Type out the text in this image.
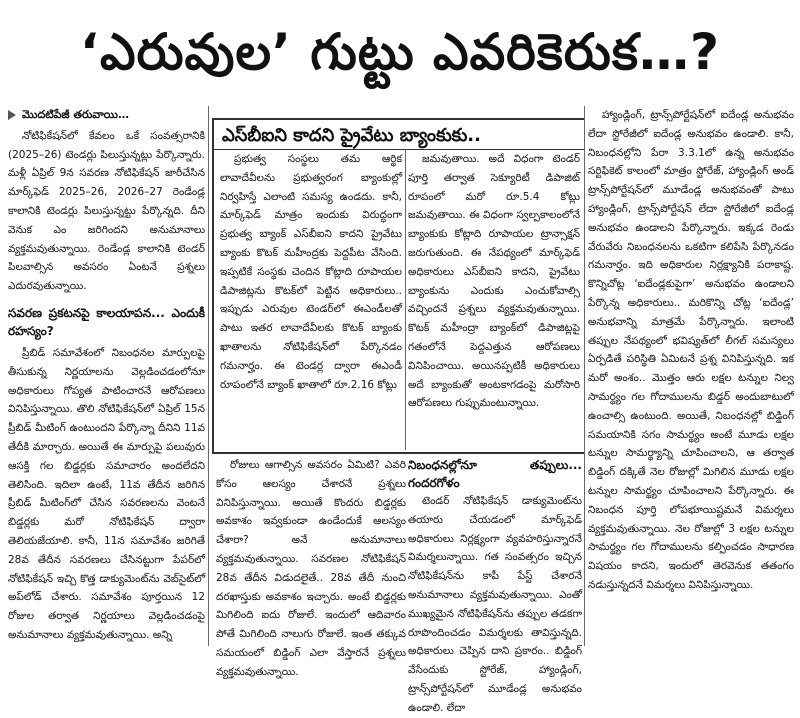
‘ఎరువుల’ గుట్టు ఎవరికెరుక…?
మొదటిపేజీ తరువాయి…

నోటిఫికేషన్‌లో కేవలం ఒకే సంవత్సరానికి (2025–26) టెండర్లు పిలుస్తున్నట్లు పేర్కొన్నారు. మళ్లీ ఏప్రిల్ 9న సవరణ నోటిఫికేషన్ జారీచేసిన మార్క్‌ఫెడ్ 2025–26, 2026–27 రెండేండ్ల కాలానికి టెండర్లు పిలుస్తున్నట్టు పేర్కొన్నది. దీని వెనుక ఎం జరిగిందని అనుమానాలు వ్యక్తమవుతున్నాయి. రెండేండ్ల కాలానికి టెండర్ పిలవాల్సిన అవసరం ఏంటనే ప్రశ్నలు ఎదురవుతున్నాయి.

సవరణ ప్రకటనపై కాలయాపన... ఎందుకీ రహస్యం?

ప్రీబిడ్ సమావేశంలో నిబంధనల మార్పులపై తీసుకున్న నిర్ణయాలను వెల్లడించడంలోనూ అధికారులు గోప్యత పాటించారనే ఆరోపణలు వినిపిస్తున్నాయి. తొలి నోటిఫికేషన్‌లో ఏప్రిల్ 15న ప్రీబిడ్ మీటింగ్ ఉంటుందని పేర్కొన్నా దీనిని 11వ తేదీకి మార్చారు. అయితే ఈ మార్పుపై పలువురు ఆసక్తి గల బిడ్డర్లకు సమాచారం అందలేదని తెలిసింది. ఇదిలా ఉంటే, 11వ తేదీన జరిగిన ప్రీబిడ్ మీటింగ్‌లో చేసిన సవరణలను వెంటనే బిడ్డర్లకు మరో నోటిఫికేషన్ ద్వారా తెలియజేయాలి. కానీ, 11న సమావేశం జరిగితే 28వ తేదీన సవరణలు చేసినట్టుగా పేపర్‌లో నోటిఫికేషన్ ఇచ్చి కొత్త డాక్యుమెంట్‌ను వెబ్‌సైట్‌లో అప్‌లోడ్ చేశారు. సమావేశం పూర్తయిన 12 రోజుల తర్వాత నిర్ణయాలు వెల్లడించడంపై అనుమానాలు వ్యక్తమవుతున్నాయి. అన్ని

ఎస్‌బీఐని కాదని ప్రైవేటు బ్యాంకుకు..

ప్రభుత్వ సంస్థలు తమ ఆర్థిక లావాదేవీలను ప్రభుత్వరంగ బ్యాంకుల్లో నిర్వహిస్తే ఎలాంటి సమస్య ఉండదు. కానీ, మార్క్‌ఫెడ్ మాత్రం ఇందుకు విరుద్ధంగా ప్రభుత్వ బ్యాంక్ ఎస్‌బీఐని కాదని ప్రైవేటు బ్యాంకు కొటక్ మహీంద్రకు పెద్దపీట వేసింది. ఇప్పటికే సంస్థకు చెందిన కోట్లాది రూపాయల డిపాజిట్లను కొటక్‌లో పెట్టిన అధికారులు.. ఇప్పుడు ఎరువుల టెండర్‌లో ఈఎండీలతో పాటు ఇతర లావాదేవీలకు కొటక్ బ్యాంకు ఖాతాలను నోటిఫికేషన్‌లో పేర్కొనడం గమనార్హం. ఈ టెండర్ల ద్వారా ఈఎండీ రూపంలోనే బ్యాంక్ ఖాతాలో రూ.2.16 కోట్లు

జమవుతాయి. అదే విధంగా టెండర్ పూర్తి తర్వాత సెక్యూరిటీ డిపాజిట్ రూపంలో మరో రూ.5.4 కోట్లు జమవుతాయి. ఈ విధంగా స్వల్పకాలంలోనే బ్యాంకుకు కోట్లాది రూపాయల ట్రాన్సాక్షన్ జరుగుతుంది. ఈ నేపథ్యంలో మార్క్‌ఫెడ్ అధికారులు ఎస్‌బీఐని కాదని, ప్రైవేటు బ్యాంకును ఎందుకు ఎంచుకోవాల్సి వచ్చిందనే ప్రశ్నలు వ్యక్తమవుతున్నాయి. కొటక్ మహీంద్రా బ్యాంక్‌లో డిపాజిట్లపై గతంలోనే పెద్దఎత్తున ఆరోపణలు వినిపించాయి. అయినప్పటికీ అధికారులు అదే బ్యాంకుతో అంటకాగడంపై మరోసారి ఆరోపణలు గుప్పుమంటున్నాయి.

రోజులు ఆగాల్సిన అవసరం ఏమిటి? ఎవరి కోసం ఆలస్యం చేశారనే ప్రశ్నలు వినిపిస్తున్నాయి. అయితే కొందరు బిడ్డర్లకు అవకాశం ఇవ్వకుండా ఉండేందుకే ఆలస్యం చేశారా? అనే అనుమానాలు వ్యక్తమవుతున్నాయి. సవరణల నోటిఫికేషన్ 28వ తేదీన విడుదలైతే.. 28వ తేదీ నుంచి దరఖాస్తుకు అవకాశం ఇచ్చారు. అంటే బిడ్డర్లకు మిగిలింది ఐదు రోజులే. ఇందులో ఆదివారం పోతే మిగిలింది నాలుగు రోజులే. ఇంత తక్కువ సమయంలో బిడ్డింగ్ ఎలా వేస్తారనే ప్రశ్నలు వ్యక్తమవుతున్నాయి.

నిబంధనల్లోనూ తప్పులు... గందరగోళం

టెండర్ నోటిఫికేషన్ డాక్యుమెంట్‌ను తయారు చేయడంలో మార్క్‌ఫెడ్ అధికారులు నిర్లక్ష్యంగా వ్యవహరిస్తున్నారనే విమర్శలున్నాయి. గత సంవత్సరం ఇచ్చిన నోటిఫికేషన్‌ను కాపీ పేస్ట్ చేశారనే అనుమానాలు వ్యక్తమవుతున్నాయి. ఎంతో ముఖ్యమైన నోటిఫికేషన్‌ను తప్పుల తడకగా రూపొందించడం విమర్శలకు తావిస్తున్నది. అధికారులు చెప్పిన దాని ప్రకారం.. బిడ్డింగ్ వేసేందుకు స్టోరేజ్, హ్యాండ్లింగ్, ట్రాన్స్‌పోర్టేషన్‌లో మూడేండ్ల అనుభవం ఉండాలి. లేదా

హ్యాండ్లింగ్, ట్రాన్స్‌పోర్టేషన్‌లో ఐదేండ్ల అనుభవం లేదా స్టోరేజీలో ఐదేండ్ల అనుభవం ఉండాలి. కానీ, నిబంధనల్లోని పేరా 3.3.1లో ఉన్న అనుభవం సర్టిఫికెట్ కాలంలో మాత్రం స్టోరేజ్, హ్యాండ్లింగ్ అండ్ ట్రాన్స్‌పోర్టేషన్‌లో మూడేండ్ల అనుభవంతో పాటు హ్యాండ్లింగ్, ట్రాన్స్‌పోర్టేషన్ లేదా స్టోరేజీలో ఐదేండ్ల అనుభవం ఉండాలని పేర్కొన్నారు. ఇక్కడ రెండు వేరువేరు నిబంధనలను ఒకటిగా కలిపేసి పేర్కొనడం గమనార్హం. ఇది అధికారుల నిర్లక్ష్యానికి పరాకాష్ట. కొన్నిచోట్ల ‘ఐదేండ్లకుపైగా’ అనుభవం ఉండాలని పేర్కొన్న అధికారులు.. మరికొన్ని చోట్ల ‘ఐదేండ్ల’ అనుభవాన్ని మాత్రమే పేర్కొన్నారు. ఇలాంటి తప్పుల నేపథ్యంలో భవిష్యత్‌లో లీగల్ సమస్యలు ఏర్పడితే పరిస్థితి ఏమిటనే ప్రశ్న వినిపిస్తున్నది. ఇక మరో అంశం.. మొత్తం ఆరు లక్షల టన్నుల నిల్వ సామర్థ్యం గల గోదాములను బిడ్డర్ అందుబాటులో ఉంచాల్సి ఉంటుంది. అయితే, నిబంధనల్లో బిడ్డింగ్ సమయానికి సగం సామర్థ్యం అంటే మూడు లక్షల టన్నుల సామర్థ్యాన్ని చూపించాలని, ఆ తర్వాత బిడ్డింగ్ దక్కితే నెల రోజుల్లో మిగిలిన మూడు లక్షల టన్నుల సామర్థ్యం చూపించాలని పేర్కొన్నారు. ఈ నిబంధన పూర్తి లోపభూయిష్టమనే విమర్శలు వ్యక్తమవుతున్నాయి. నెల రోజుల్లో 3 లక్షల టన్నుల సామర్థ్యం గల గోదాములను కల్పించడం సాధారణ విషయం కాదని, ఇందులో తెరవెనుక తతంగం నడుస్తున్నదనే విమర్శలు వినిపిస్తున్నాయి.
